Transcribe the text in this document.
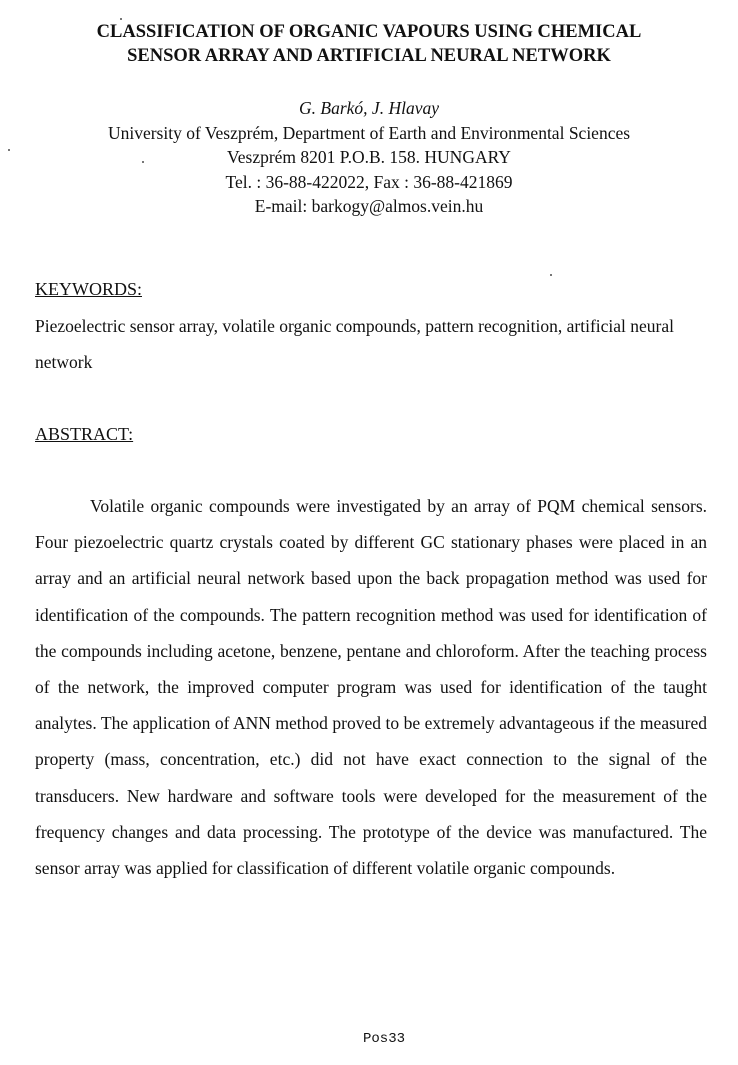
CLASSIFICATION OF ORGANIC VAPOURS USING CHEMICAL
SENSOR ARRAY AND ARTIFICIAL NEURAL NETWORK
G. Barkó, J. Hlavay
University of Veszprém, Department of Earth and Environmental Sciences
Veszprém 8201 P.O.B. 158. HUNGARY
Tel. : 36-88-422022, Fax : 36-88-421869
E-mail: barkogy@almos.vein.hu
KEYWORDS:
Piezoelectric sensor array, volatile organic compounds, pattern recognition, artificial neural network
ABSTRACT:
Volatile organic compounds were investigated by an array of PQM chemical sensors. Four piezoelectric quartz crystals coated by different GC stationary phases were placed in an array and an artificial neural network based upon the back propagation method was used for identification of the compounds. The pattern recognition method was used for identification of the compounds including acetone, benzene, pentane and chloroform. After the teaching process of the network, the improved computer program was used for identification of the taught analytes. The application of ANN method proved to be extremely advantageous if the measured property (mass, concentration, etc.) did not have exact connection to the signal of the transducers. New hardware and software tools were developed for the measurement of the frequency changes and data processing. The prototype of the device was manufactured. The sensor array was applied for classification of different volatile organic compounds.
Pos33
